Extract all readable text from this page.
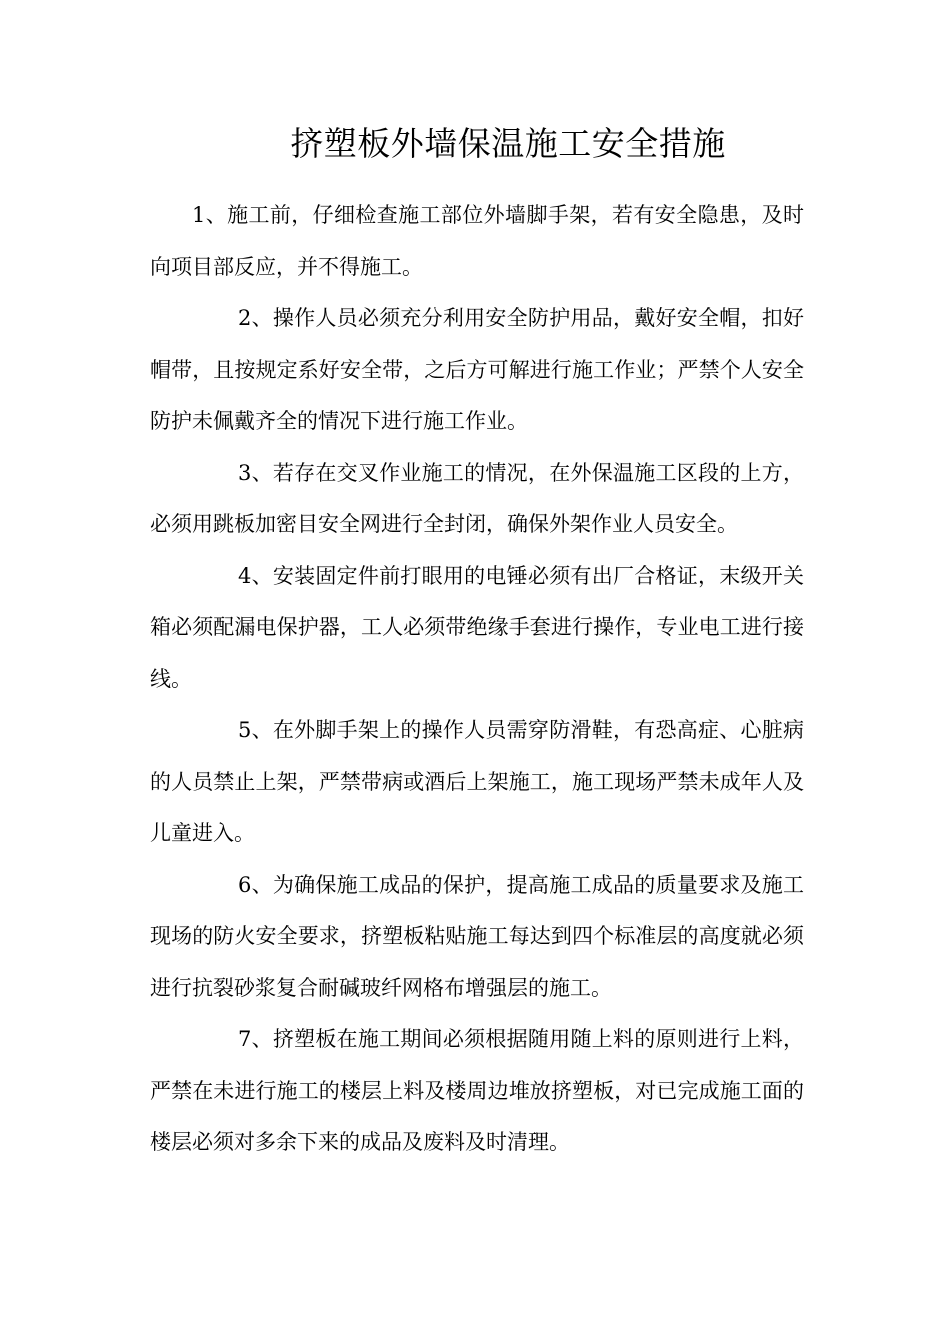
挤塑板外墙保温施工安全措施

1、施工前，仔细检查施工部位外墙脚手架，若有安全隐患，及时向项目部反应，并不得施工。

2、操作人员必须充分利用安全防护用品，戴好安全帽，扣好帽带，且按规定系好安全带，之后方可解进行施工作业；严禁个人安全防护未佩戴齐全的情况下进行施工作业。

3、若存在交叉作业施工的情况，在外保温施工区段的上方，必须用跳板加密目安全网进行全封闭，确保外架作业人员安全。

4、安装固定件前打眼用的电锤必须有出厂合格证，末级开关箱必须配漏电保护器，工人必须带绝缘手套进行操作，专业电工进行接线。

5、在外脚手架上的操作人员需穿防滑鞋，有恐高症、心脏病的人员禁止上架，严禁带病或酒后上架施工，施工现场严禁未成年人及儿童进入。

6、为确保施工成品的保护，提高施工成品的质量要求及施工现场的防火安全要求，挤塑板粘贴施工每达到四个标准层的高度就必须进行抗裂砂浆复合耐碱玻纤网格布增强层的施工。

7、挤塑板在施工期间必须根据随用随上料的原则进行上料，严禁在未进行施工的楼层上料及楼周边堆放挤塑板，对已完成施工面的楼层必须对多余下来的成品及废料及时清理。
